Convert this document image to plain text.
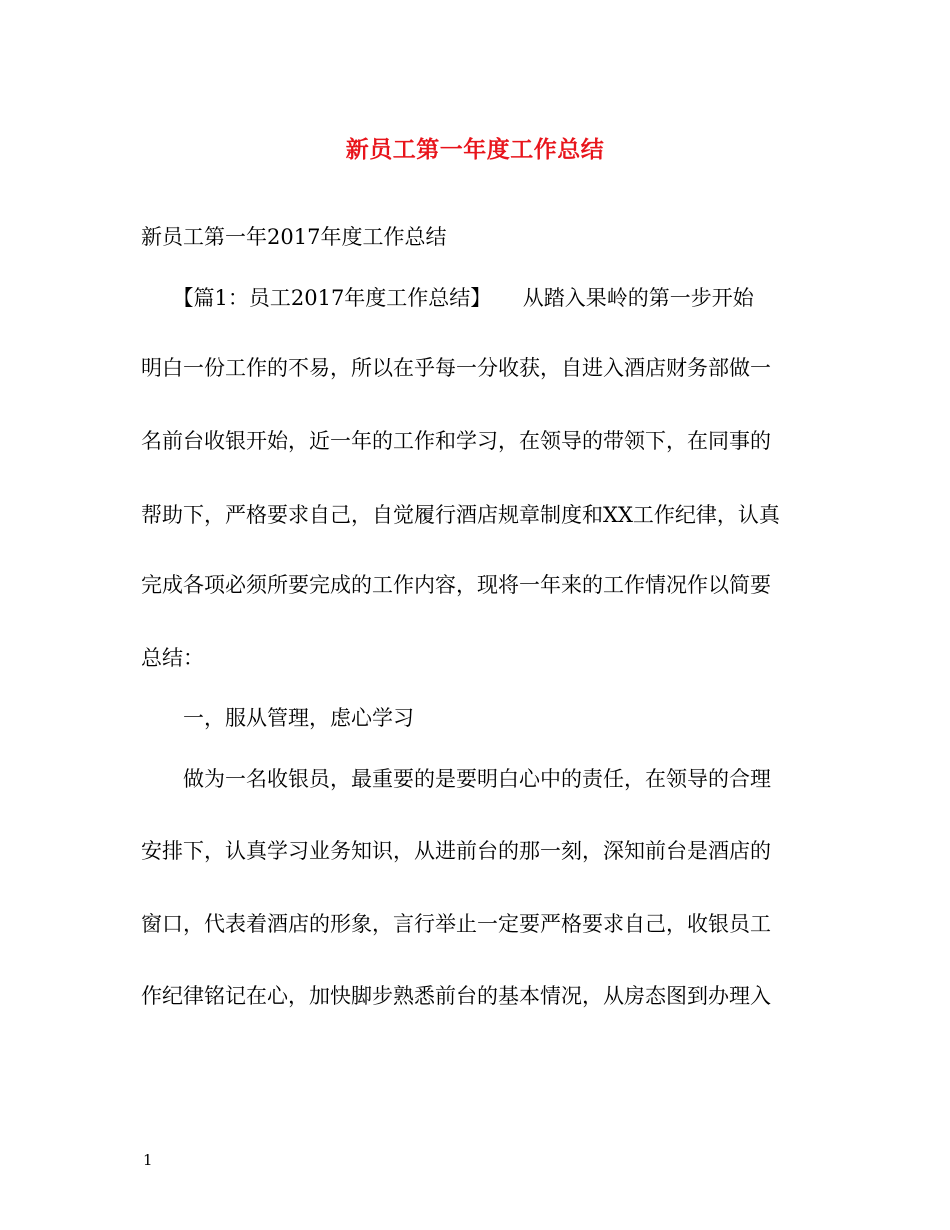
新员工第一年度工作总结
新员工第一年2017年度工作总结
　　【篇1：员工2017年度工作总结】　　从踏入果岭的第一步开始
明白一份工作的不易，所以在乎每一分收获，自进入酒店财务部做一
名前台收银开始，近一年的工作和学习，在领导的带领下，在同事的
帮助下，严格要求自己，自觉履行酒店规章制度和XX工作纪律，认真
完成各项必须所要完成的工作内容，现将一年来的工作情况作以简要
总结：
　　一，服从管理，虑心学习
　　做为一名收银员，最重要的是要明白心中的责任，在领导的合理
安排下，认真学习业务知识，从进前台的那一刻，深知前台是酒店的
窗口，代表着酒店的形象，言行举止一定要严格要求自己，收银员工
作纪律铭记在心，加快脚步熟悉前台的基本情况，从房态图到办理入
1
